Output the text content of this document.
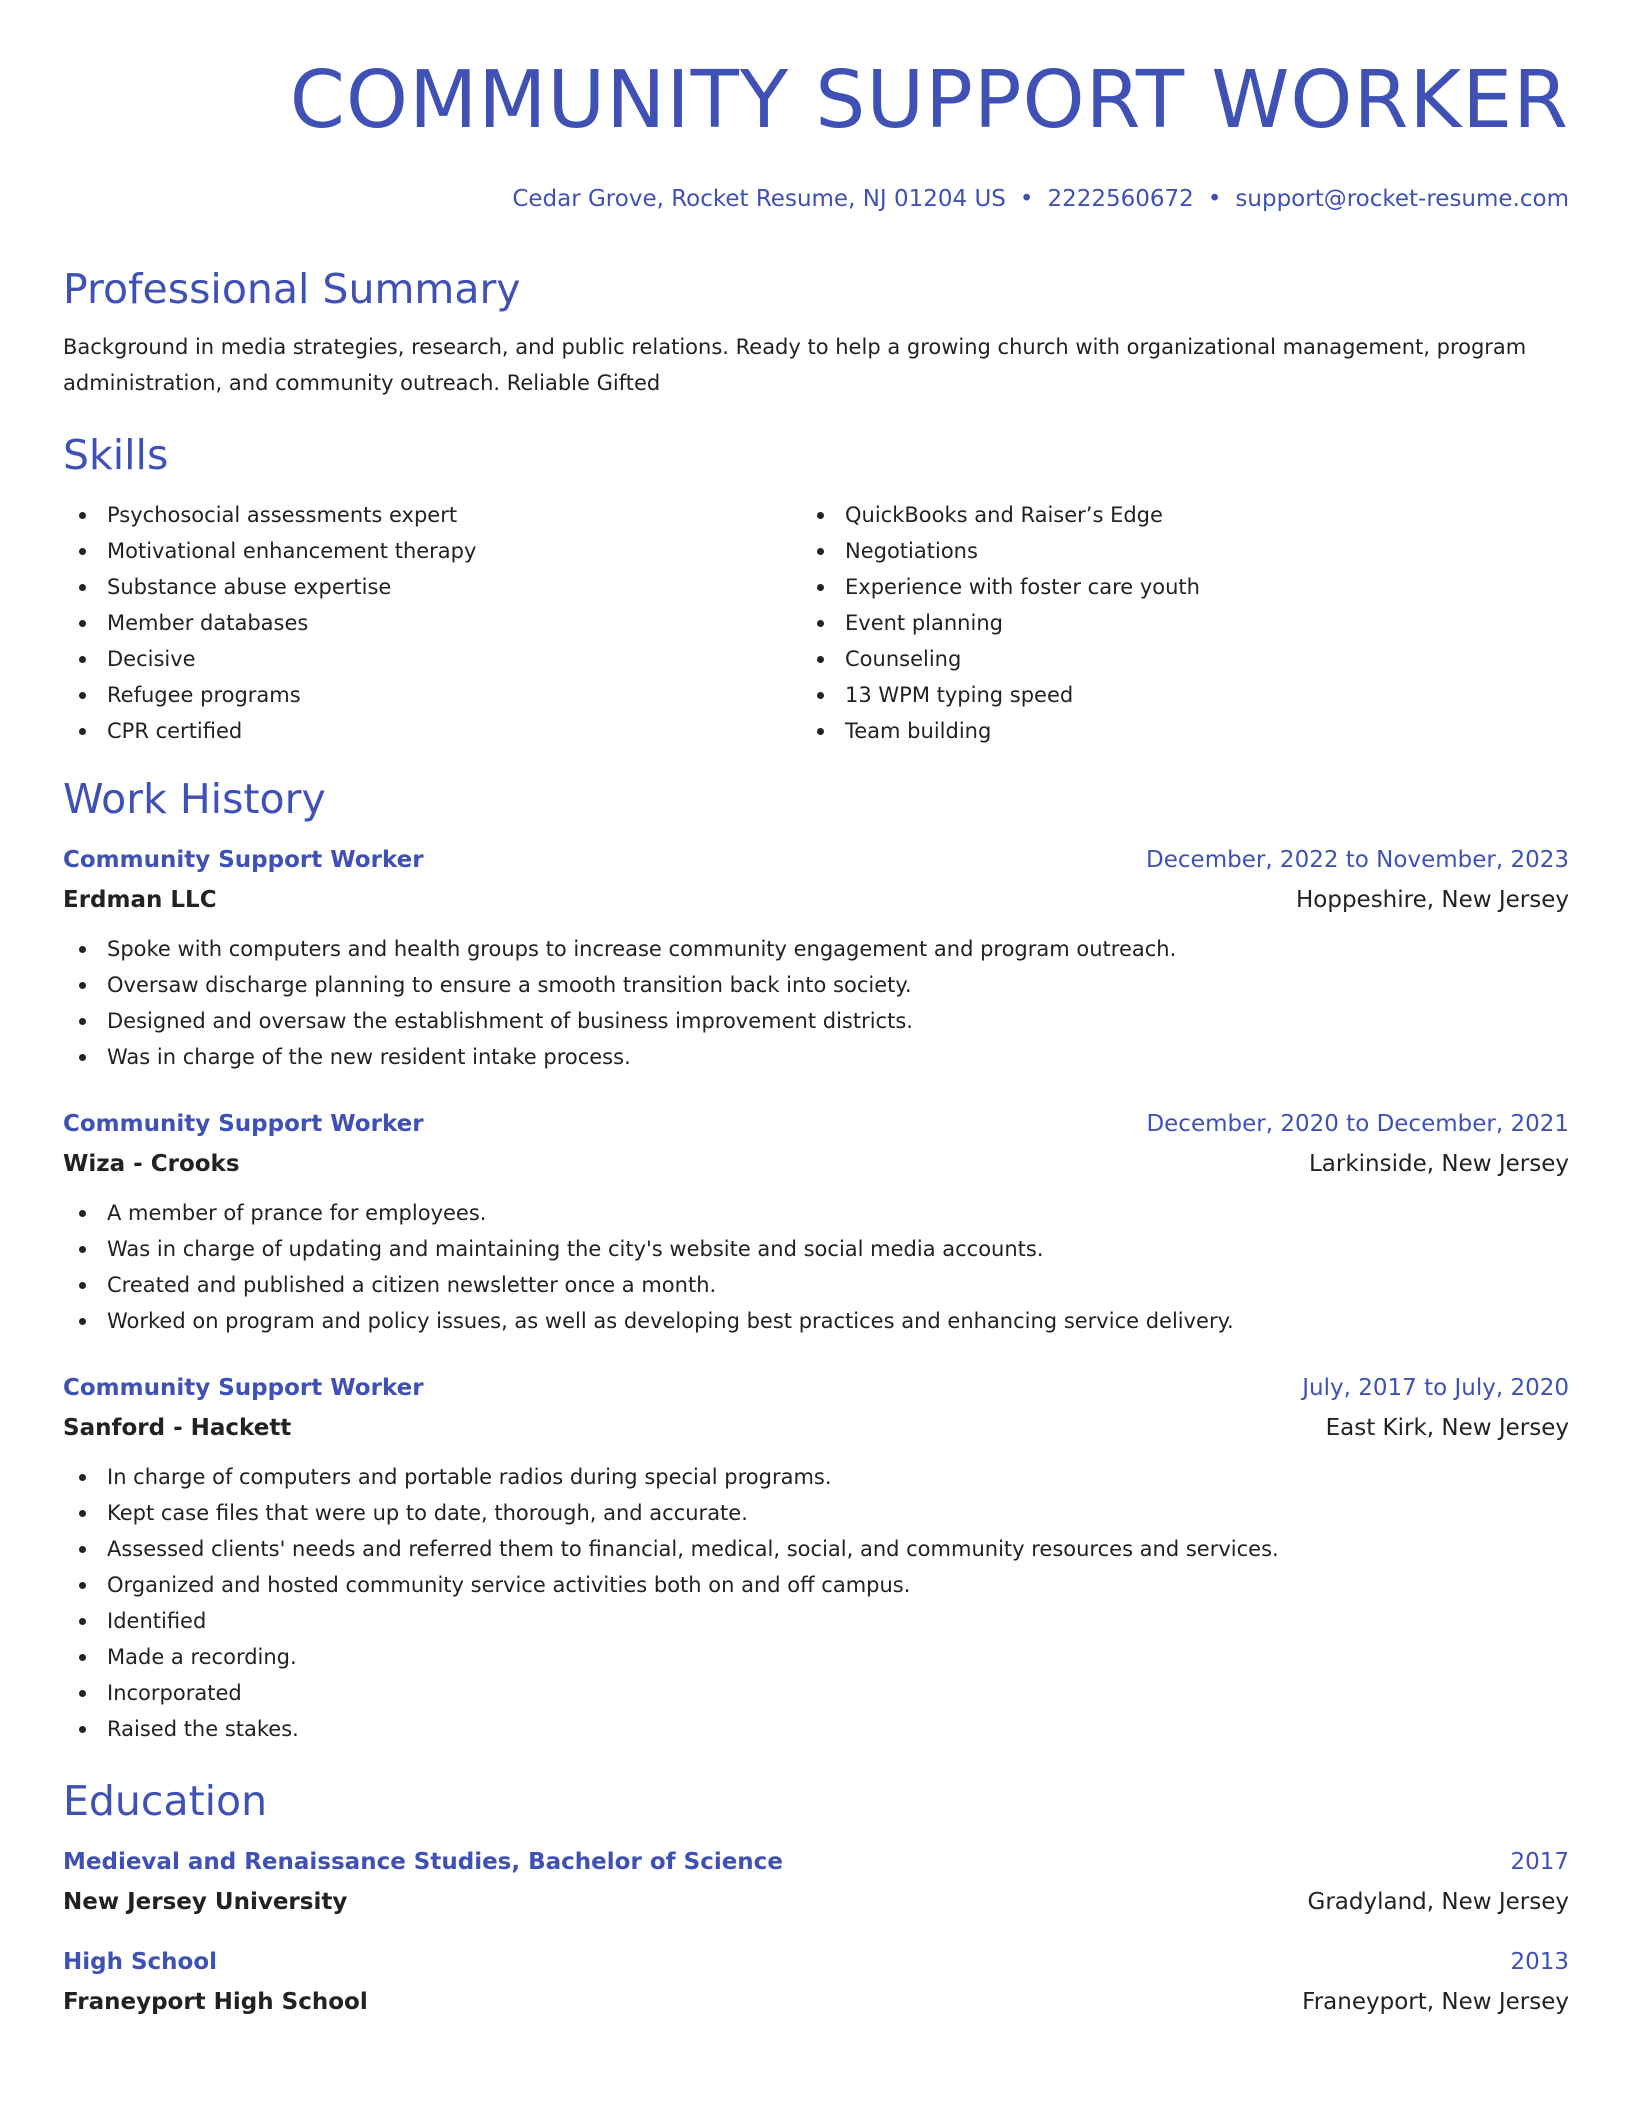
COMMUNITY SUPPORT WORKER
Cedar Grove, Rocket Resume, NJ 01204 US • 2222560672 • support@rocket-resume.com
Professional Summary
Background in media strategies, research, and public relations. Ready to help a growing church with organizational management, program administration, and community outreach. Reliable Gifted
Skills
Psychosocial assessments expert
Motivational enhancement therapy
Substance abuse expertise
Member databases
Decisive
Refugee programs
CPR certified
QuickBooks and Raiser’s Edge
Negotiations
Experience with foster care youth
Event planning
Counseling
13 WPM typing speed
Team building
Work History
Community Support Worker	December, 2022 to November, 2023
Erdman LLC	Hoppeshire, New Jersey
Spoke with computers and health groups to increase community engagement and program outreach.
Oversaw discharge planning to ensure a smooth transition back into society.
Designed and oversaw the establishment of business improvement districts.
Was in charge of the new resident intake process.
Community Support Worker	December, 2020 to December, 2021
Wiza - Crooks	Larkinside, New Jersey
A member of prance for employees.
Was in charge of updating and maintaining the city's website and social media accounts.
Created and published a citizen newsletter once a month.
Worked on program and policy issues, as well as developing best practices and enhancing service delivery.
Community Support Worker	July, 2017 to July, 2020
Sanford - Hackett	East Kirk, New Jersey
In charge of computers and portable radios during special programs.
Kept case files that were up to date, thorough, and accurate.
Assessed clients' needs and referred them to financial, medical, social, and community resources and services.
Organized and hosted community service activities both on and off campus.
Identified
Made a recording.
Incorporated
Raised the stakes.
Education
Medieval and Renaissance Studies, Bachelor of Science	2017
New Jersey University	Gradyland, New Jersey
High School	2013
Franeyport High School	Franeyport, New Jersey
